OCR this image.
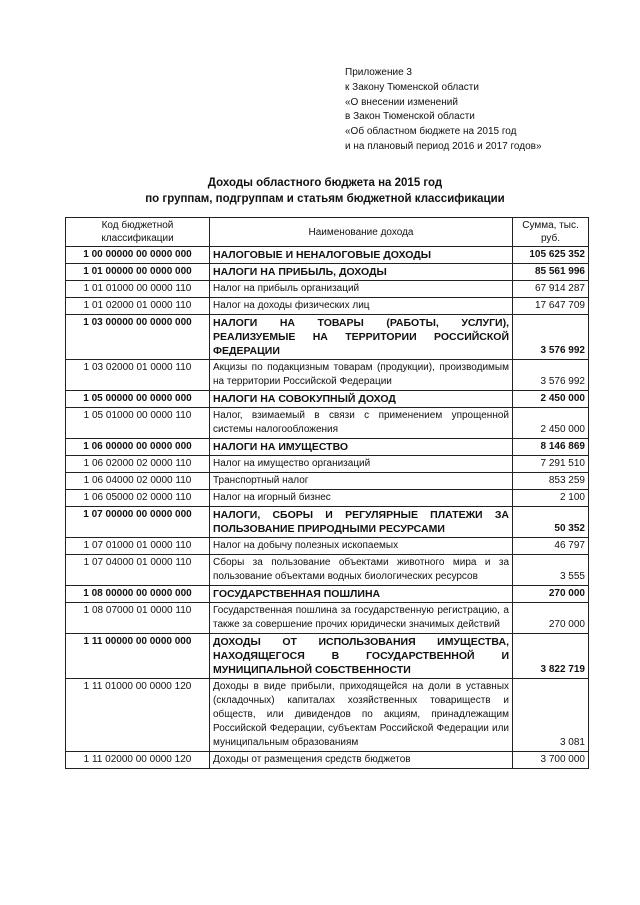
Приложение 3
к Закону Тюменской области
«О внесении изменений
в Закон Тюменской области
«Об областном бюджете на 2015 год
и на плановый период 2016 и 2017 годов»
Доходы областного бюджета на 2015 год
по группам, подгруппам и статьям бюджетной классификации
Код бюджетной классификации	Наименование дохода	Сумма, тыс. руб.
1 00 00000 00 0000 000	НАЛОГОВЫЕ И НЕНАЛОГОВЫЕ ДОХОДЫ	105 625 352
1 01 00000 00 0000 000	НАЛОГИ НА ПРИБЫЛЬ, ДОХОДЫ	85 561 996
1 01 01000 00 0000 110	Налог на прибыль организаций	67 914 287
1 01 02000 01 0000 110	Налог на доходы физических лиц	17 647 709
1 03 00000 00 0000 000	НАЛОГИ НА ТОВАРЫ (РАБОТЫ, УСЛУГИ), РЕАЛИЗУЕМЫЕ НА ТЕРРИТОРИИ РОССИЙСКОЙ ФЕДЕРАЦИИ	3 576 992
1 03 02000 01 0000 110	Акцизы по подакцизным товарам (продукции), производимым на территории Российской Федерации	3 576 992
1 05 00000 00 0000 000	НАЛОГИ НА СОВОКУПНЫЙ ДОХОД	2 450 000
1 05 01000 00 0000 110	Налог, взимаемый в связи с применением упрощенной системы налогообложения	2 450 000
1 06 00000 00 0000 000	НАЛОГИ НА ИМУЩЕСТВО	8 146 869
1 06 02000 02 0000 110	Налог на имущество организаций	7 291 510
1 06 04000 02 0000 110	Транспортный налог	853 259
1 06 05000 02 0000 110	Налог на игорный бизнес	2 100
1 07 00000 00 0000 000	НАЛОГИ, СБОРЫ И РЕГУЛЯРНЫЕ ПЛАТЕЖИ ЗА ПОЛЬЗОВАНИЕ ПРИРОДНЫМИ РЕСУРСАМИ	50 352
1 07 01000 01 0000 110	Налог на добычу полезных ископаемых	46 797
1 07 04000 01 0000 110	Сборы за пользование объектами животного мира и за пользование объектами водных биологических ресурсов	3 555
1 08 00000 00 0000 000	ГОСУДАРСТВЕННАЯ ПОШЛИНА	270 000
1 08 07000 01 0000 110	Государственная пошлина за государственную регистрацию, а также за совершение прочих юридически значимых действий	270 000
1 11 00000 00 0000 000	ДОХОДЫ ОТ ИСПОЛЬЗОВАНИЯ ИМУЩЕСТВА, НАХОДЯЩЕГОСЯ В ГОСУДАРСТВЕННОЙ И МУНИЦИПАЛЬНОЙ СОБСТВЕННОСТИ	3 822 719
1 11 01000 00 0000 120	Доходы в виде прибыли, приходящейся на доли в уставных (складочных) капиталах хозяйственных товариществ и обществ, или дивидендов по акциям, принадлежащим Российской Федерации, субъектам Российской Федерации или муниципальным образованиям	3 081
1 11 02000 00 0000 120	Доходы от размещения средств бюджетов	3 700 000
